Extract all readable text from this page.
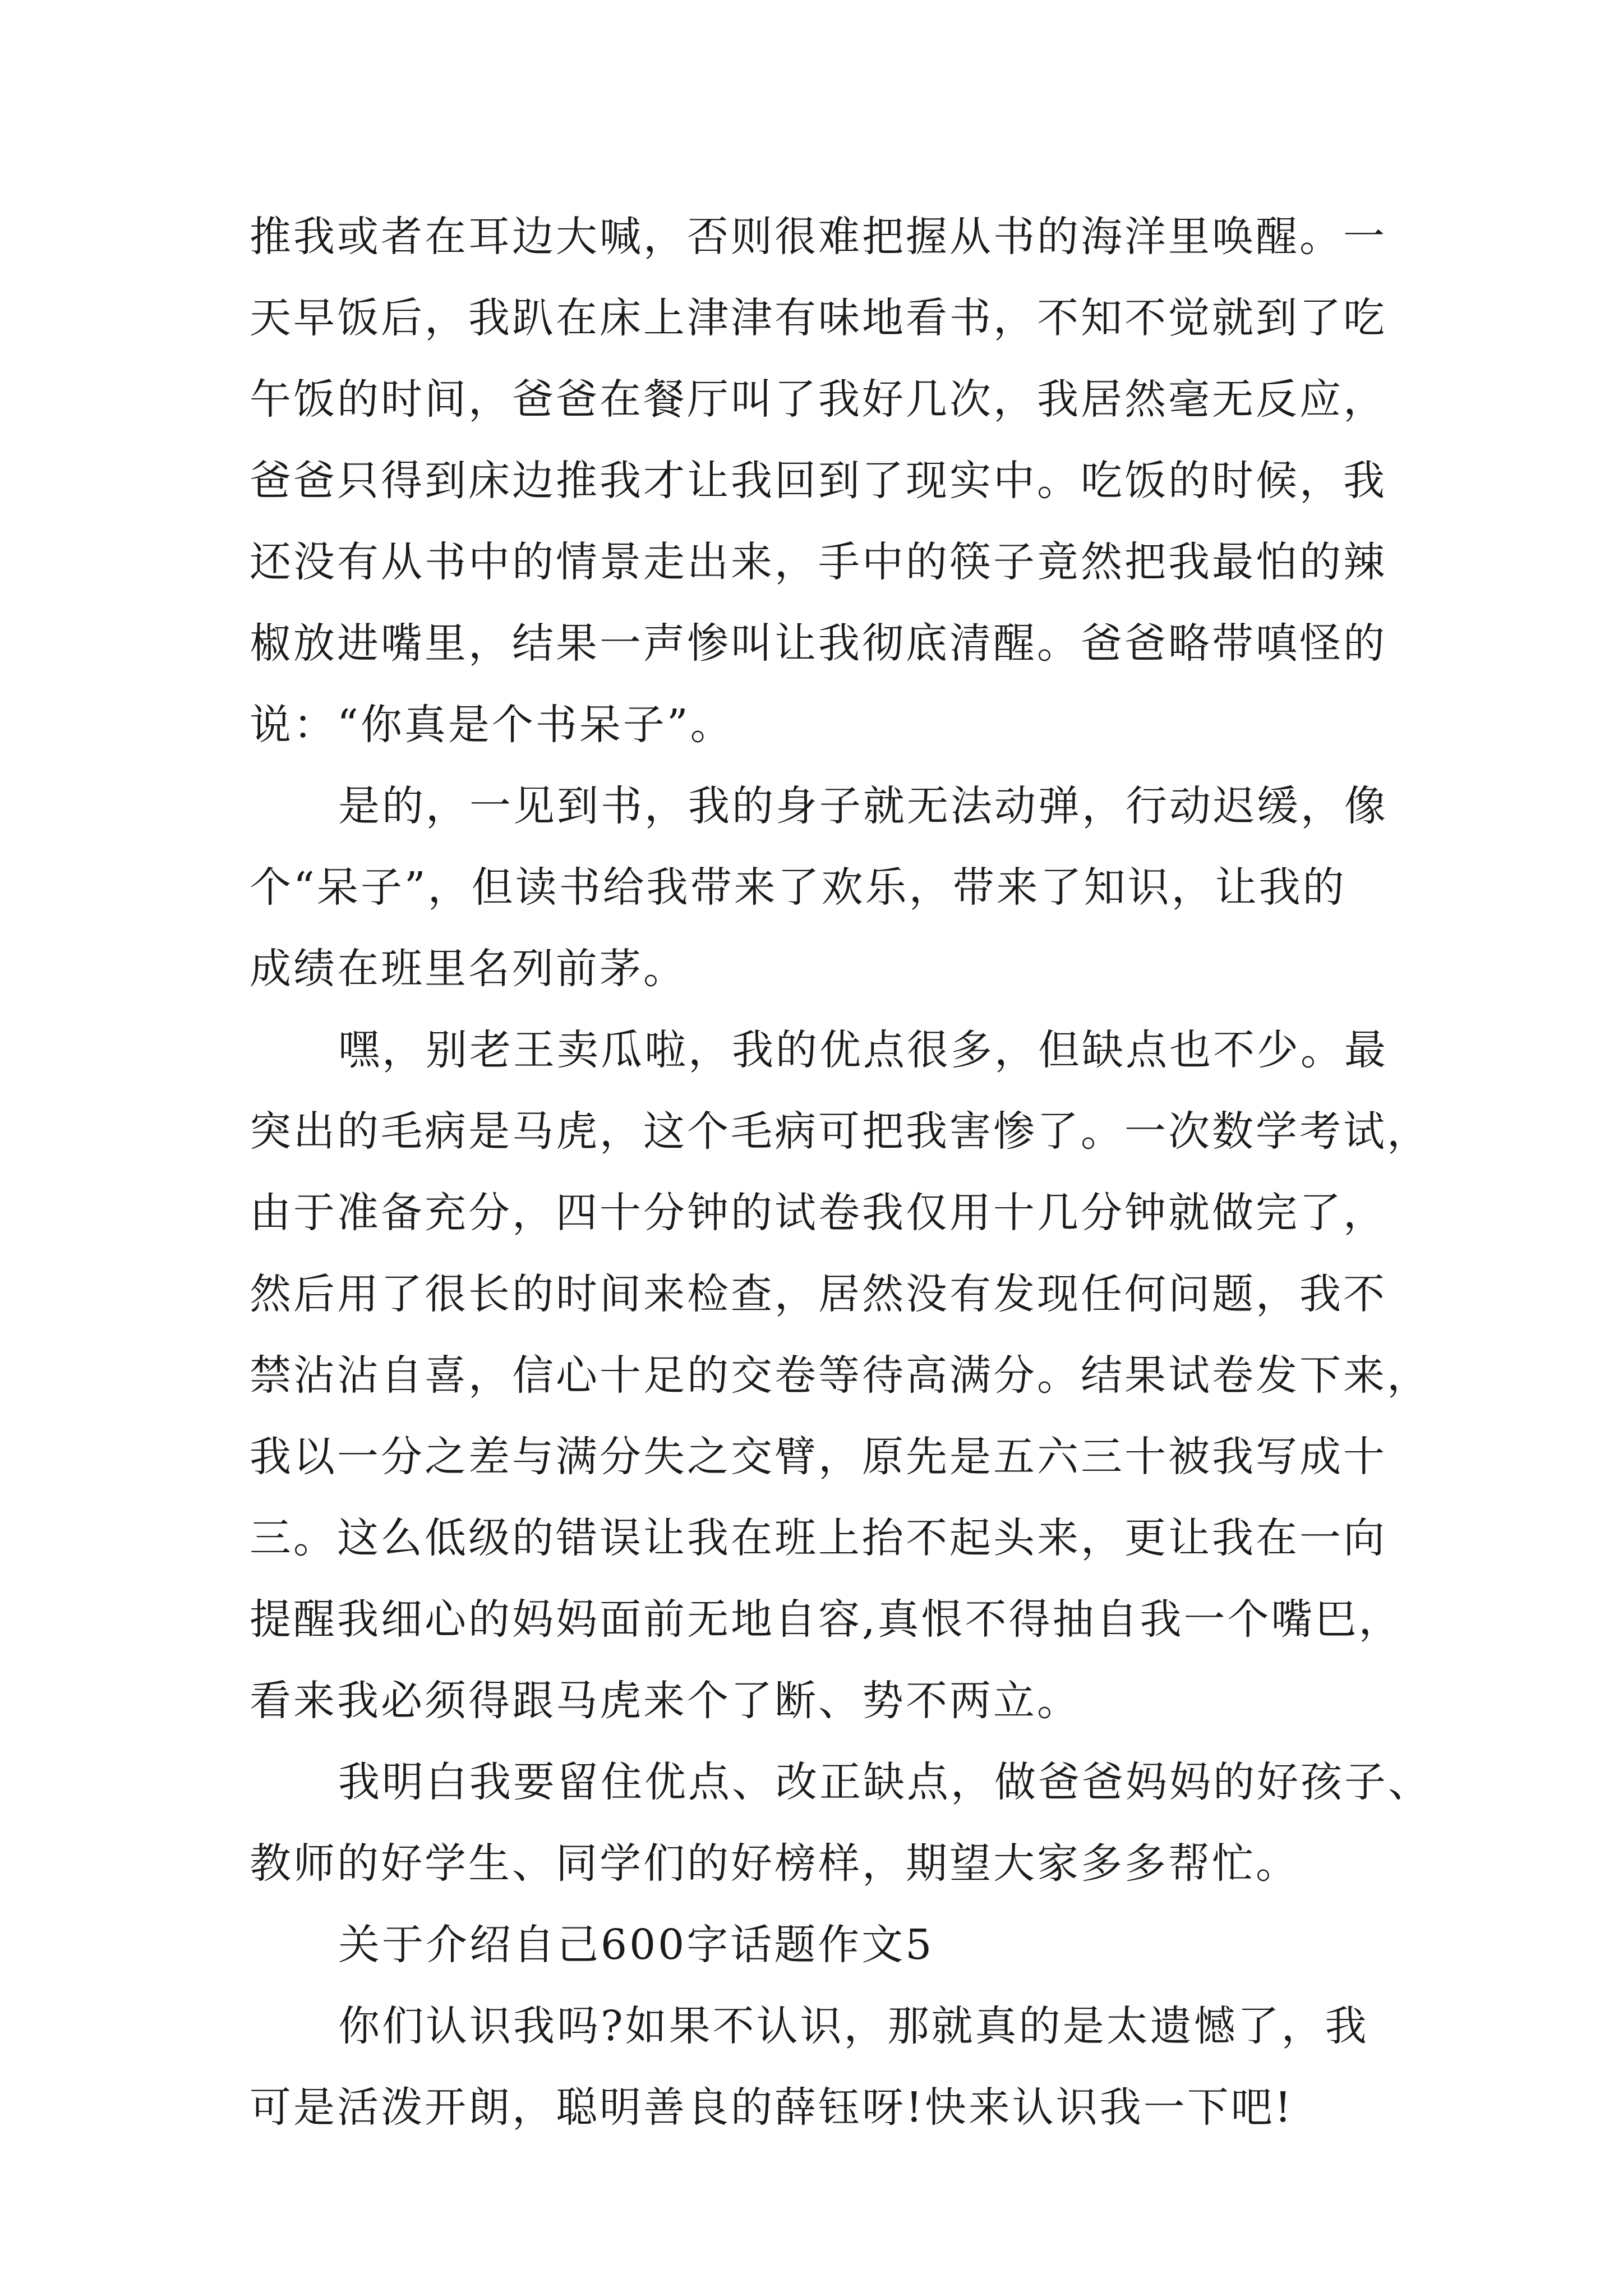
推我或者在耳边大喊，否则很难把握从书的海洋里唤醒。一
天早饭后，我趴在床上津津有味地看书，不知不觉就到了吃
午饭的时间，爸爸在餐厅叫了我好几次，我居然毫无反应，
爸爸只得到床边推我才让我回到了现实中。吃饭的时候，我
还没有从书中的情景走出来，手中的筷子竟然把我最怕的辣
椒放进嘴里，结果一声惨叫让我彻底清醒。爸爸略带嗔怪的
说：“你真是个书呆子”。
是的，一见到书，我的身子就无法动弹，行动迟缓，像
个“呆子”，但读书给我带来了欢乐，带来了知识，让我的
成绩在班里名列前茅。
嘿，别老王卖瓜啦，我的优点很多，但缺点也不少。最
突出的毛病是马虎，这个毛病可把我害惨了。一次数学考试，
由于准备充分，四十分钟的试卷我仅用十几分钟就做完了，
然后用了很长的时间来检查，居然没有发现任何问题，我不
禁沾沾自喜，信心十足的交卷等待高满分。结果试卷发下来，
我以一分之差与满分失之交臂，原先是五六三十被我写成十
三。这么低级的错误让我在班上抬不起头来，更让我在一向
提醒我细心的妈妈面前无地自容,真恨不得抽自我一个嘴巴，
看来我必须得跟马虎来个了断、势不两立。
我明白我要留住优点、改正缺点，做爸爸妈妈的好孩子、
教师的好学生、同学们的好榜样，期望大家多多帮忙。
关于介绍自己600字话题作文5
你们认识我吗?如果不认识，那就真的是太遗憾了，我
可是活泼开朗，聪明善良的薛钰呀!快来认识我一下吧!
